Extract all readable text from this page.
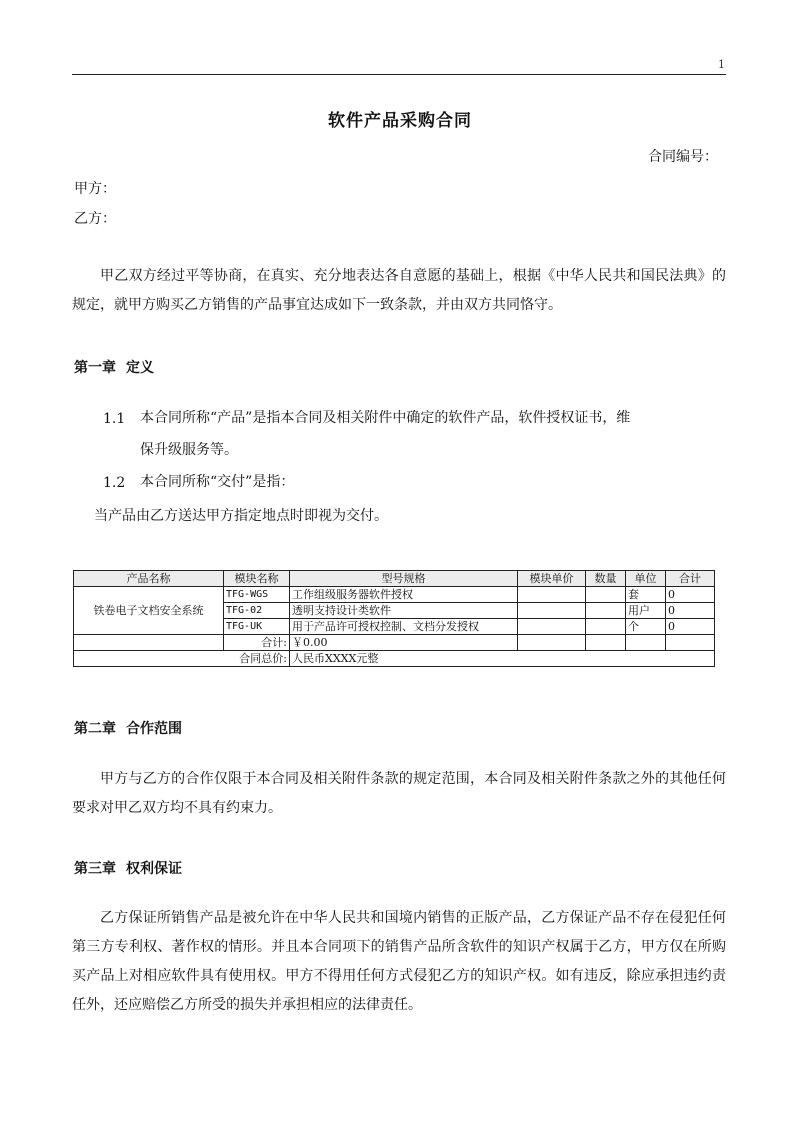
1
软件产品采购合同
合同编号：
甲方：
乙方：
甲乙双方经过平等协商，在真实、充分地表达各自意愿的基础上，根据《中华人民共和国民法典》的规定，就甲方购买乙方销售的产品事宜达成如下一致条款，并由双方共同恪守。
第一章 定义
1.1 本合同所称“产品”是指本合同及相关附件中确定的软件产品，软件授权证书，维
保升级服务等。
1.2 本合同所称“交付”是指：
当产品由乙方送达甲方指定地点时即视为交付。
产品名称	模块名称	型号规格	模块单价	数量	单位	合计
铁卷电子文档安全系统	TFG-WGS	工作组级服务器软件授权			套	0
	TFG-02	透明支持设计类软件			用户	0
	TFG-UK	用于产品许可授权控制、文档分发授权			个	0
	合计:	￥0.00				
合同总价:		人民币XXXX元整				
第二章 合作范围
甲方与乙方的合作仅限于本合同及相关附件条款的规定范围，本合同及相关附件条款之外的其他任何要求对甲乙双方均不具有约束力。
第三章 权利保证
乙方保证所销售产品是被允许在中华人民共和国境内销售的正版产品，乙方保证产品不存在侵犯任何第三方专利权、著作权的情形。并且本合同项下的销售产品所含软件的知识产权属于乙方，甲方仅在所购买产品上对相应软件具有使用权。甲方不得用任何方式侵犯乙方的知识产权。如有违反，除应承担违约责任外，还应赔偿乙方所受的损失并承担相应的法律责任。
